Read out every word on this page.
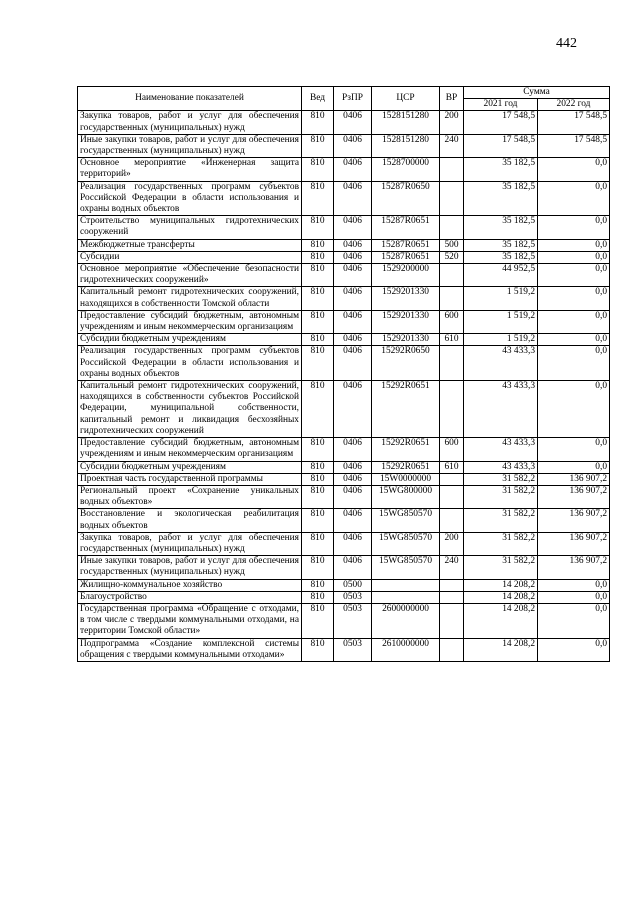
442
Наименование показателей	Вед	РзПР	ЦСР	ВР	Сумма	
					2021 год	2022 год
Закупка товаров, работ и услуг для обеспечения государственных (муниципальных) нужд	810	0406	1528151280	200	17 548,5	17 548,5
Иные закупки товаров, работ и услуг для обеспечения государственных (муниципальных) нужд	810	0406	1528151280	240	17 548,5	17 548,5
Основное мероприятие «Инженерная защита территорий»	810	0406	1528700000		35 182,5	0,0
Реализация государственных программ субъектов Российской Федерации в области использования и охраны водных объектов	810	0406	15287R0650		35 182,5	0,0
Строительство муниципальных гидротехнических сооружений	810	0406	15287R0651		35 182,5	0,0
Межбюджетные трансферты	810	0406	15287R0651	500	35 182,5	0,0
Субсидии	810	0406	15287R0651	520	35 182,5	0,0
Основное мероприятие «Обеспечение безопасности гидротехнических сооружений»	810	0406	1529200000		44 952,5	0,0
Капитальный ремонт гидротехнических сооружений, находящихся в собственности Томской области	810	0406	1529201330		1 519,2	0,0
Предоставление субсидий бюджетным, автономным учреждениям и иным некоммерческим организациям	810	0406	1529201330	600	1 519,2	0,0
Субсидии бюджетным учреждениям	810	0406	1529201330	610	1 519,2	0,0
Реализация государственных программ субъектов Российской Федерации в области использования и охраны водных объектов	810	0406	15292R0650		43 433,3	0,0
Капитальный ремонт гидротехнических сооружений, находящихся в собственности субъектов Российской Федерации, муниципальной собственности, капитальный ремонт и ликвидация бесхозяйных гидротехнических сооружений	810	0406	15292R0651		43 433,3	0,0
Предоставление субсидий бюджетным, автономным учреждениям и иным некоммерческим организациям	810	0406	15292R0651	600	43 433,3	0,0
Субсидии бюджетным учреждениям	810	0406	15292R0651	610	43 433,3	0,0
Проектная часть государственной программы	810	0406	15W0000000		31 582,2	136 907,2
Региональный проект «Сохранение уникальных водных объектов»	810	0406	15WG800000		31 582,2	136 907,2
Восстановление и экологическая реабилитация водных объектов	810	0406	15WG850570		31 582,2	136 907,2
Закупка товаров, работ и услуг для обеспечения государственных (муниципальных) нужд	810	0406	15WG850570	200	31 582,2	136 907,2
Иные закупки товаров, работ и услуг для обеспечения государственных (муниципальных) нужд	810	0406	15WG850570	240	31 582,2	136 907,2
Жилищно-коммунальное хозяйство	810	0500			14 208,2	0,0
Благоустройство	810	0503			14 208,2	0,0
Государственная программа «Обращение с отходами, в том числе с твердыми коммунальными отходами, на территории Томской области»	810	0503	2600000000		14 208,2	0,0
Подпрограмма «Создание комплексной системы обращения с твердыми коммунальными отходами»	810	0503	2610000000		14 208,2	0,0
